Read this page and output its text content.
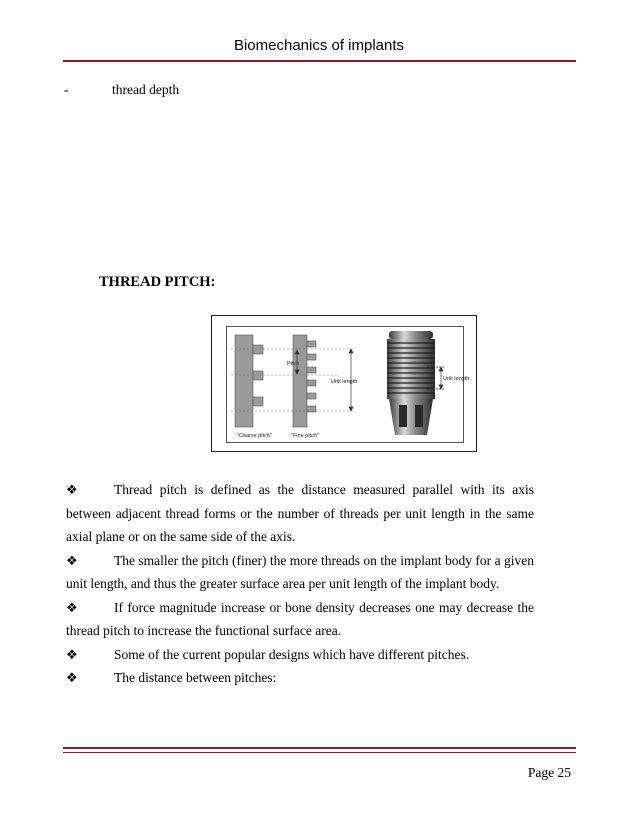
Biomechanics of implants
-	thread depth
THREAD PITCH:
Pitch
Unit length
"Coarse pitch"	"Fine pitch"
Unit length
❖	Thread pitch is defined as the distance measured parallel with its axis between adjacent thread forms or the number of threads per unit length in the same axial plane or on the same side of the axis.
❖	The smaller the pitch (finer) the more threads on the implant body for a given unit length, and thus the greater surface area per unit length of the implant body.
❖	If force magnitude increase or bone density decreases one may decrease the thread pitch to increase the functional surface area.
❖	Some of the current popular designs which have different pitches.
❖	The distance between pitches:
Page 25
